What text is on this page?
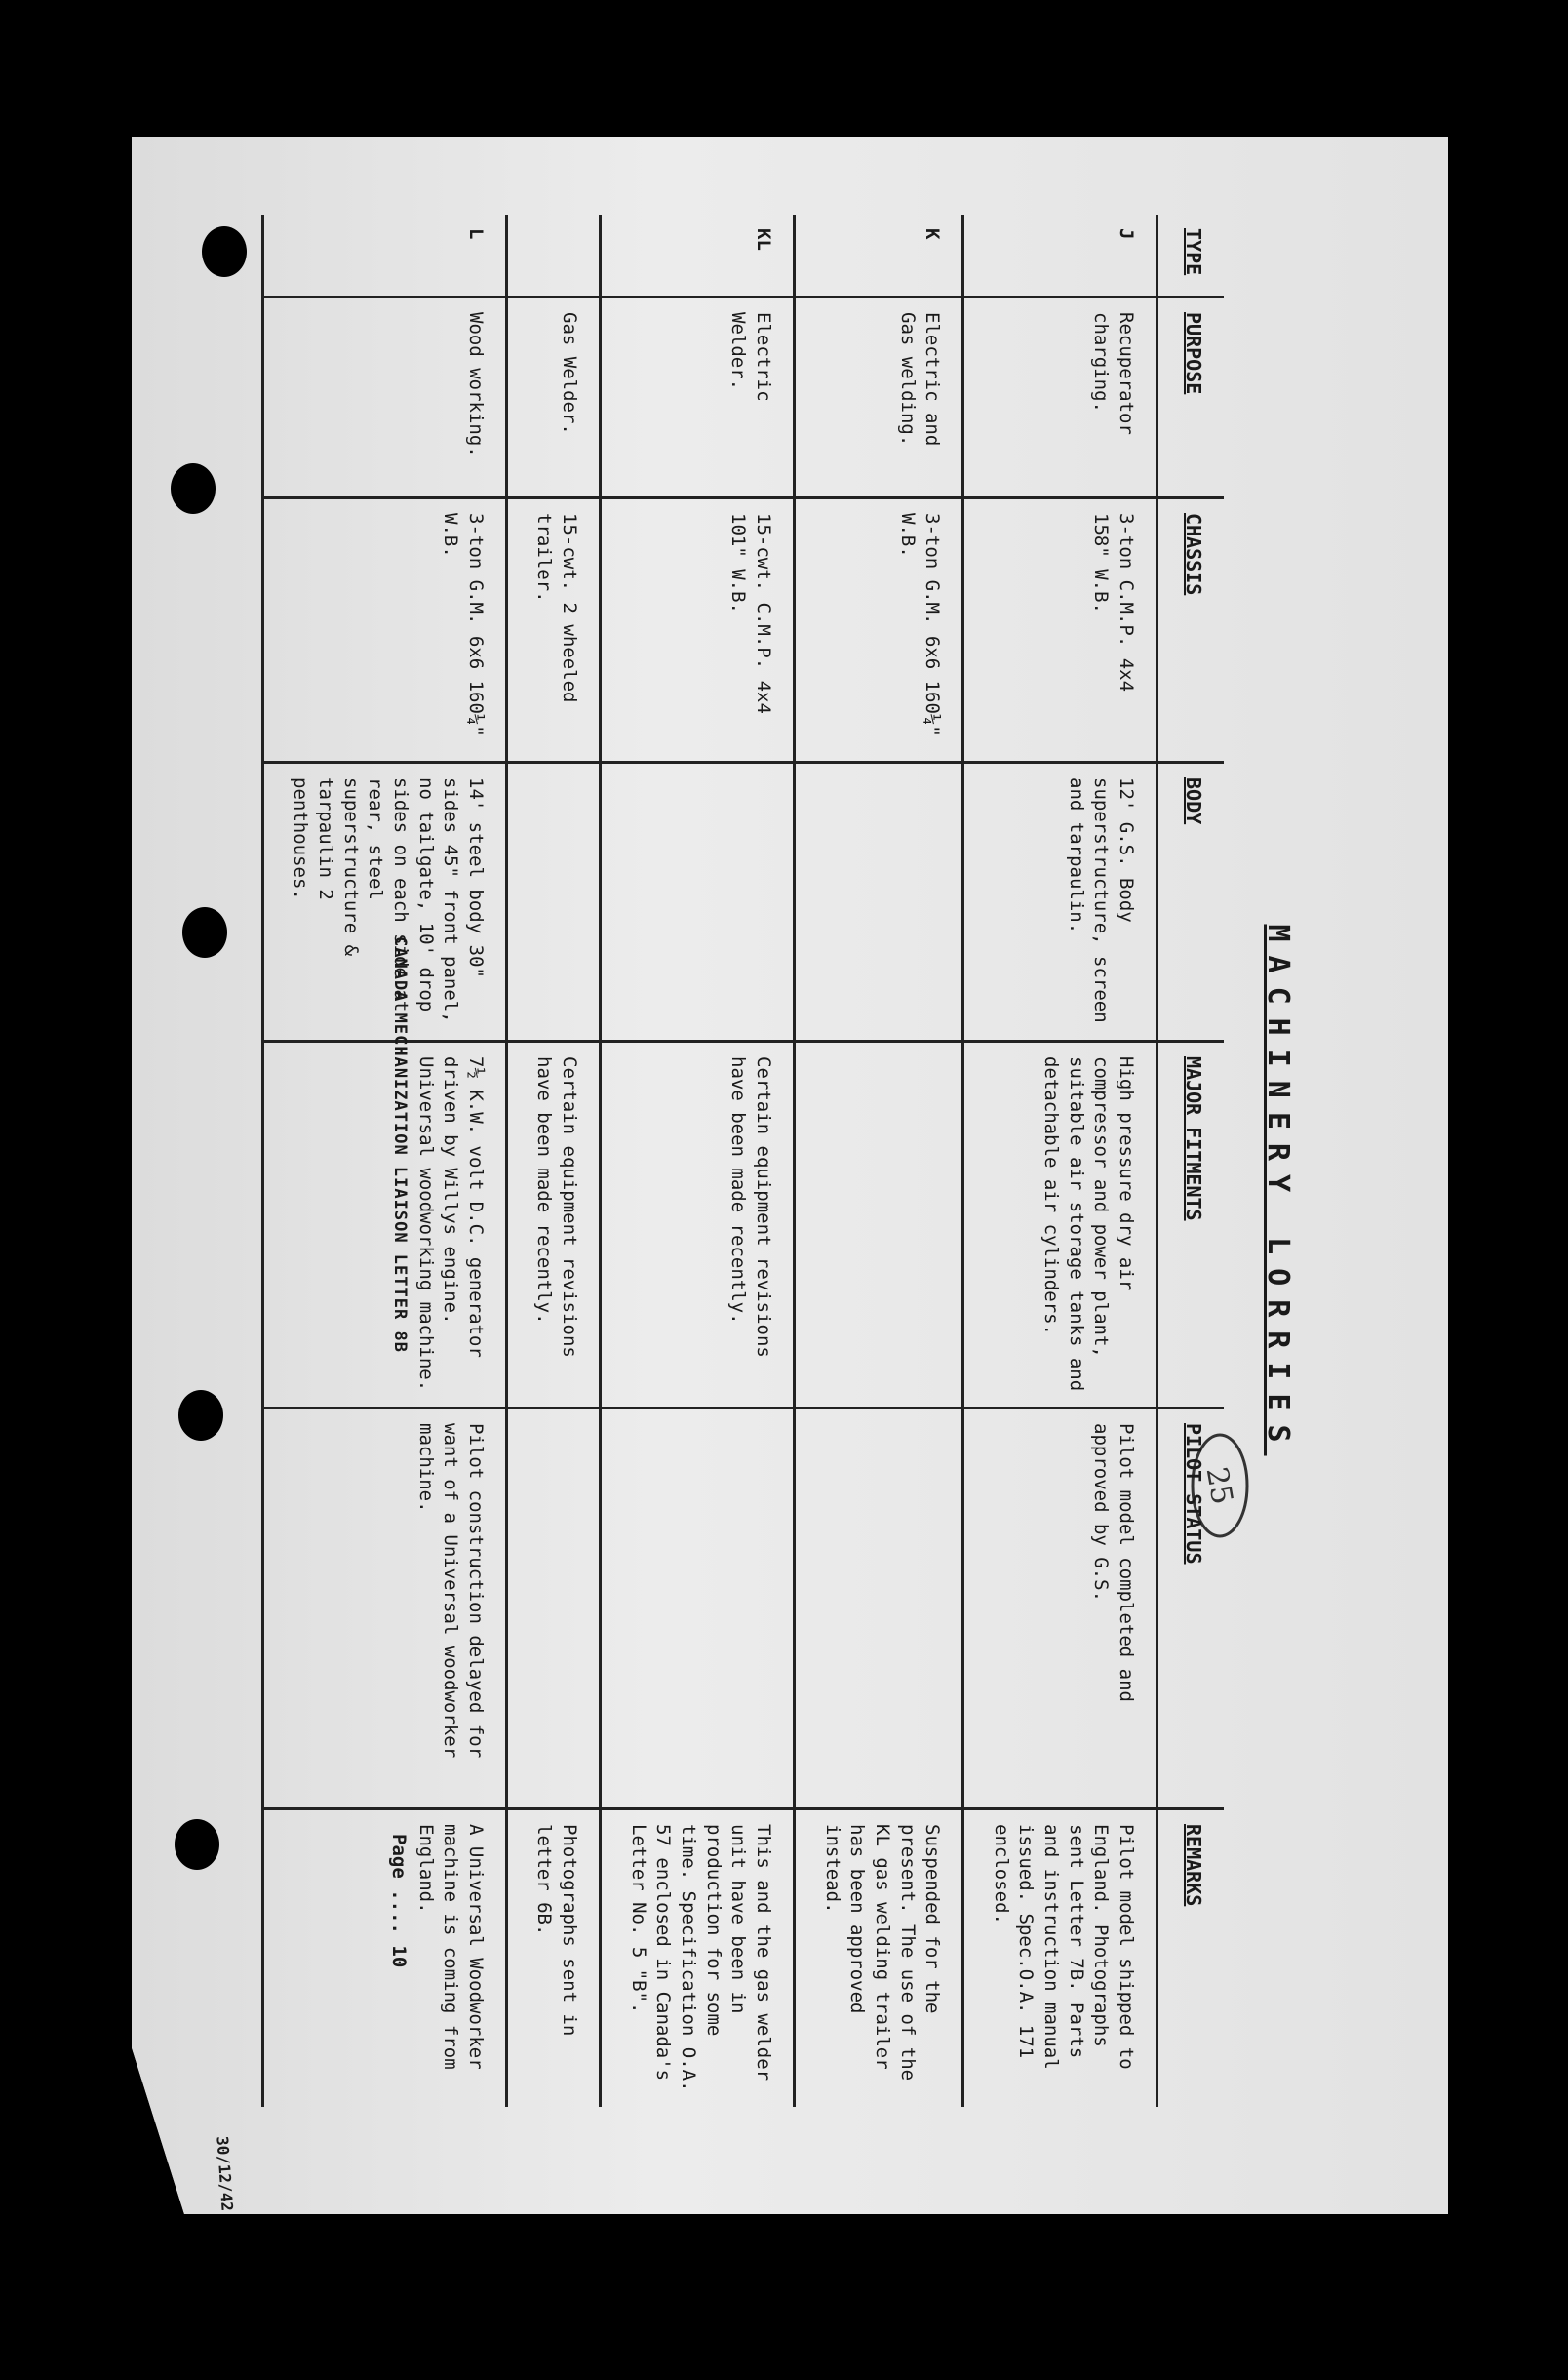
MACHINERY LORRIES
25
TYPE	PURPOSE	CHASSIS	BODY	MAJOR FITMENTS	PILOT STATUS	REMARKS
J	Recuperator charging.	3-ton C.M.P. 4x4 158" W.B.	12' G.S. Body superstructure, screen and tarpaulin.	High pressure dry air compressor and power plant, suitable air storage tanks and detachable air cylinders.	Pilot model completed and approved by G.S.	Pilot model shipped to England. Photographs sent Letter 7B. Parts and instruction manual issued. Spec.O.A. 171 enclosed.
K	Electric and Gas welding.	3-ton G.M. 6x6 160¼" W.B.				Suspended for the present. The use of the KL gas welding trailer has been approved instead.
KL	Electric Welder.	15-cwt. C.M.P. 4x4 101" W.B.		Certain equipment revisions have been made recently.		This and the gas welder unit have been in production for some time. Specification O.A. 57 enclosed in Canada's Letter No. 5 "B".
	Gas Welder.	15-cwt. 2 wheeled trailer.		Certain equipment revisions have been made recently.		Photographs sent in letter 6B.
L	Wood working.	3-ton G.M. 6x6 160¼" W.B.	14' steel body 30" sides 45" front panel, no tailgate, 10' drop sides on each side at rear, steel superstructure & tarpaulin 2 penthouses.	7½ K.W. volt D.C. generator driven by Willys engine. Universal woodworking machine.	Pilot construction delayed for want of a Universal woodworker machine.	A Universal Woodworker machine is coming from England.
CANADA MECHANIZATION LIAISON LETTER 8B
Page .... 10
30/12/42
